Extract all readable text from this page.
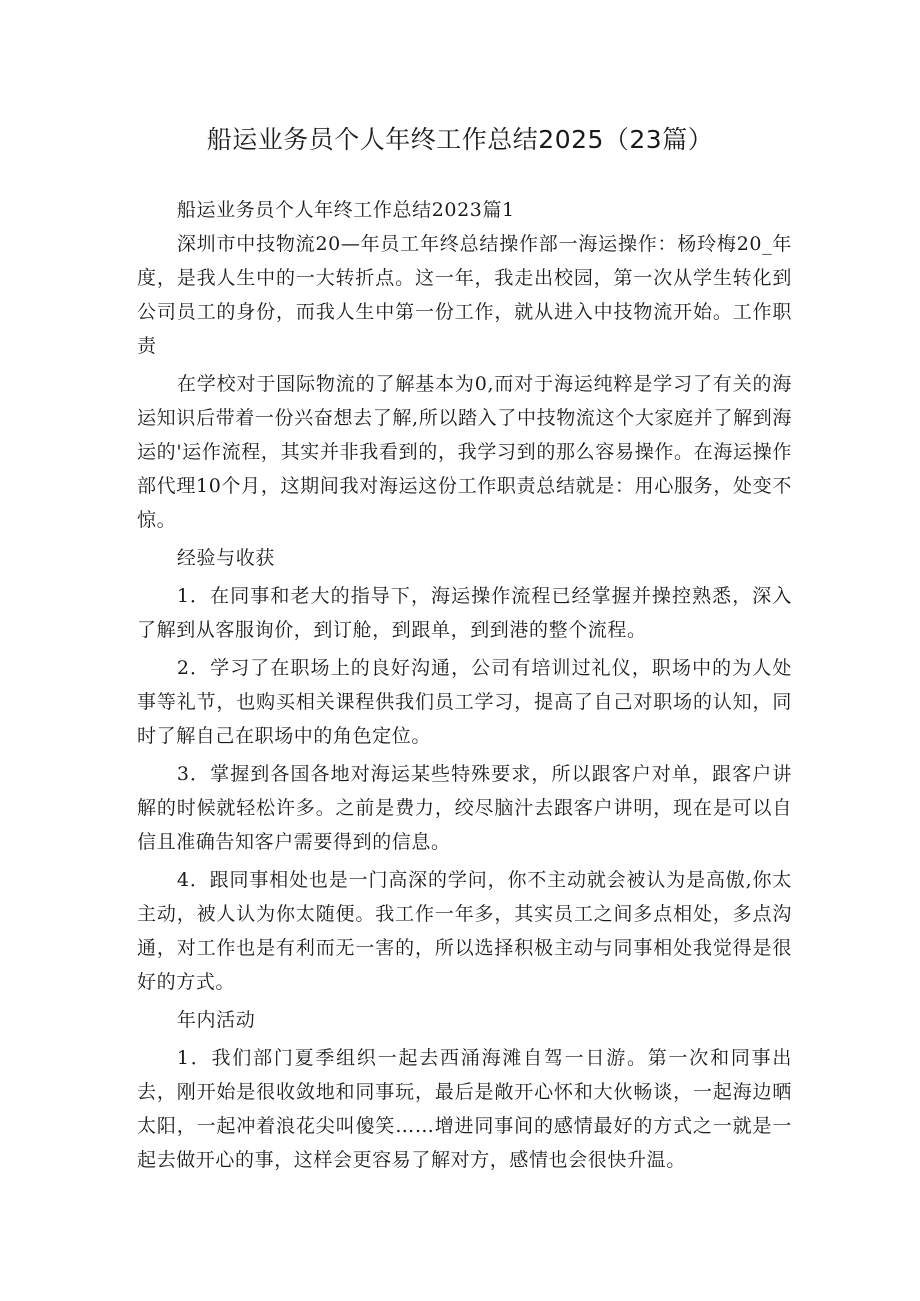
船运业务员个人年终工作总结2025（23篇）

船运业务员个人年终工作总结2023篇1

深圳市中技物流20—年员工年终总结操作部一海运操作：杨玲梅20_年度，是我人生中的一大转折点。这一年，我走出校园，第一次从学生转化到公司员工的身份，而我人生中第一份工作，就从进入中技物流开始。工作职责

在学校对于国际物流的了解基本为0,而对于海运纯粹是学习了有关的海运知识后带着一份兴奋想去了解,所以踏入了中技物流这个大家庭并了解到海运的'运作流程，其实并非我看到的，我学习到的那么容易操作。在海运操作部代理10个月，这期间我对海运这份工作职责总结就是：用心服务，处变不惊。

经验与收获

1．在同事和老大的指导下，海运操作流程已经掌握并操控熟悉，深入了解到从客服询价，到订舱，到跟单，到到港的整个流程。

2．学习了在职场上的良好沟通，公司有培训过礼仪，职场中的为人处事等礼节，也购买相关课程供我们员工学习，提高了自己对职场的认知，同时了解自己在职场中的角色定位。

3．掌握到各国各地对海运某些特殊要求，所以跟客户对单，跟客户讲解的时候就轻松许多。之前是费力，绞尽脑汁去跟客户讲明，现在是可以自信且准确告知客户需要得到的信息。

4．跟同事相处也是一门高深的学问，你不主动就会被认为是高傲,你太主动，被人认为你太随便。我工作一年多，其实员工之间多点相处，多点沟通，对工作也是有利而无一害的，所以选择积极主动与同事相处我觉得是很好的方式。

年内活动

1．我们部门夏季组织一起去西涌海滩自驾一日游。第一次和同事出去，刚开始是很收敛地和同事玩，最后是敞开心怀和大伙畅谈，一起海边晒太阳，一起冲着浪花尖叫傻笑……增进同事间的感情最好的方式之一就是一起去做开心的事，这样会更容易了解对方，感情也会很快升温。
